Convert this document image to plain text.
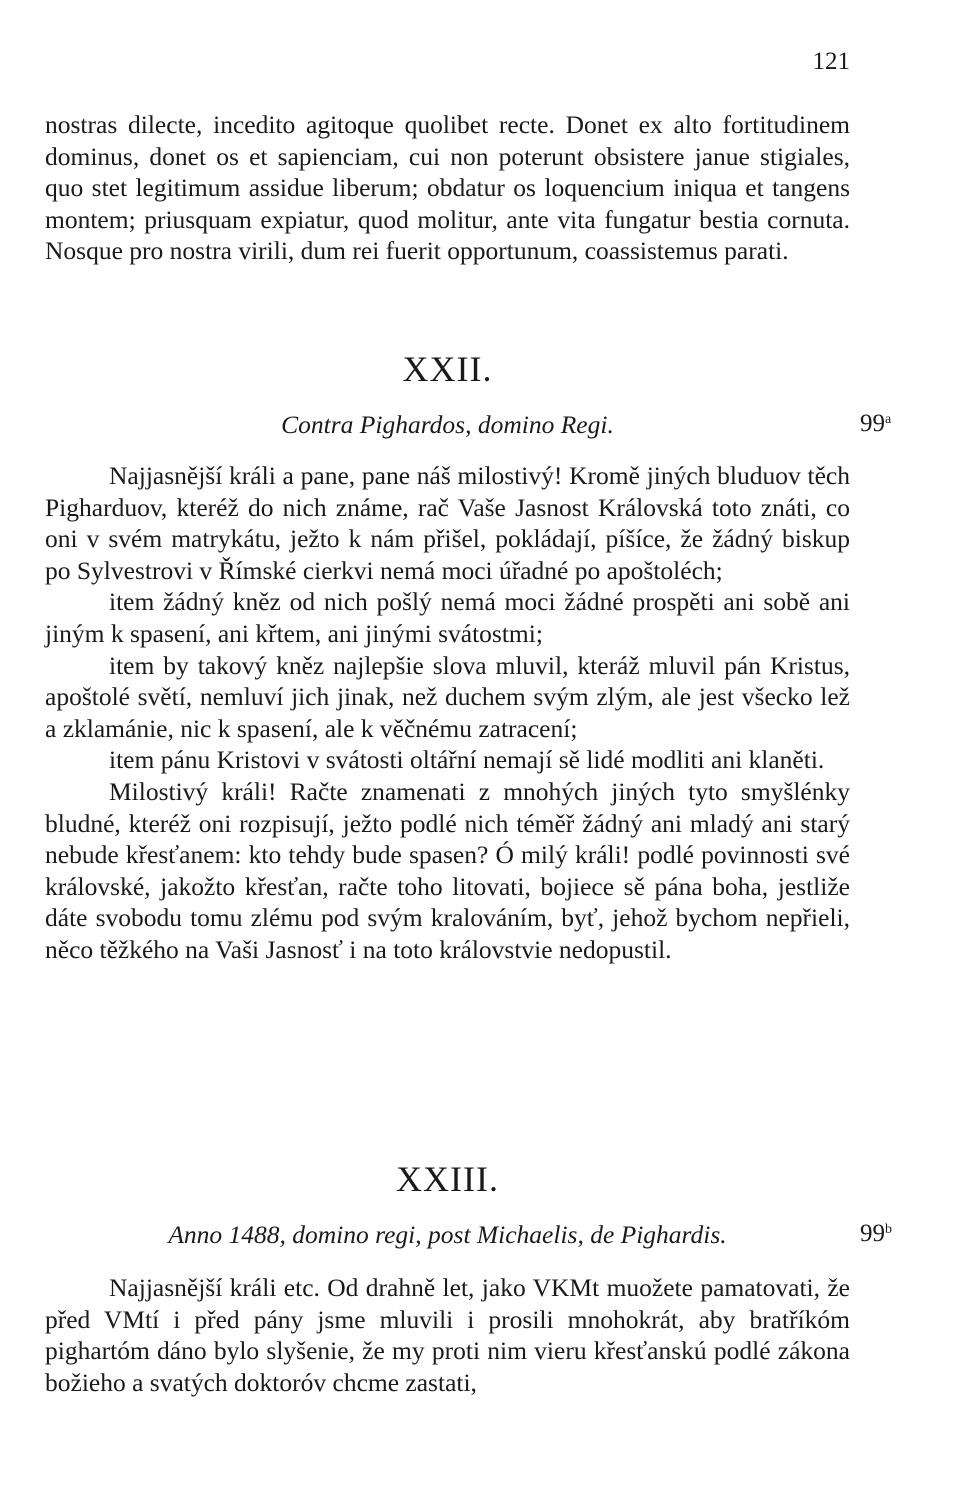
121

nostras dilecte, incedito agitoque quolibet recte. Donet ex alto fortitudinem dominus, donet os et sapienciam, cui non poterunt obsistere janue stigiales, quo stet legitimum assidue liberum; obdatur os loquencium iniqua et tangens montem; priusquam expiatur, quod molitur, ante vita fungatur bestia cornuta. Nosque pro nostra virili, dum rei fuerit opportunum, coassistemus parati.

XXII.
Contra Pighardos, domino Regi.	99$^a$

Najjasnější králi a pane, pane náš milostivý! Kromě jiných bluduov těch Pigharduov, kteréž do nich známe, rač Vaše Jasnost Královská toto znáti, co oni v svém matrykátu, ježto k nám přišel, pokládají, píšíce, že žádný biskup po Sylvestrovi v Římské cierkvi nemá moci úřadné po apoštoléch;

item žádný kněz od nich pošlý nemá moci žádné prospěti ani sobě ani jiným k spasení, ani křtem, ani jinými svátostmi;

item by takový kněz najlepšie slova mluvil, kteráž mluvil pán Kristus, apoštolé světí, nemluví jich jinak, než duchem svým zlým, ale jest všecko lež a zklamánie, nic k spasení, ale k věčnému zatracení;

item pánu Kristovi v svátosti oltářní nemají sě lidé modliti ani klaněti.

Milostivý králi! Račte znamenati z mnohých jiných tyto smyšlénky bludné, kteréž oni rozpisují, ježto podlé nich téměř žádný ani mladý ani starý nebude křesťanem: kto tehdy bude spasen? Ó milý králi! podlé povinnosti své královské, jakožto křesťan, račte toho litovati, bojiece sě pána boha, jestliže dáte svobodu tomu zlému pod svým kralováním, byť, jehož bychom nepřieli, něco těžkého na Vaši Jasnosť i na toto královstvie nedopustil.

XXIII.
Anno 1488, domino regi, post Michaelis, de Pighardis.	99$^b$

Najjasnější králi etc. Od drahně let, jako VKMt muožete pamatovati, že před VMtí i před pány jsme mluvili i prosili mnohokrát, aby bratříkóm pighartóm dáno bylo slyšenie, že my proti nim vieru křesťanskú podlé zákona božieho a svatých doktoróv chcme zastati,
